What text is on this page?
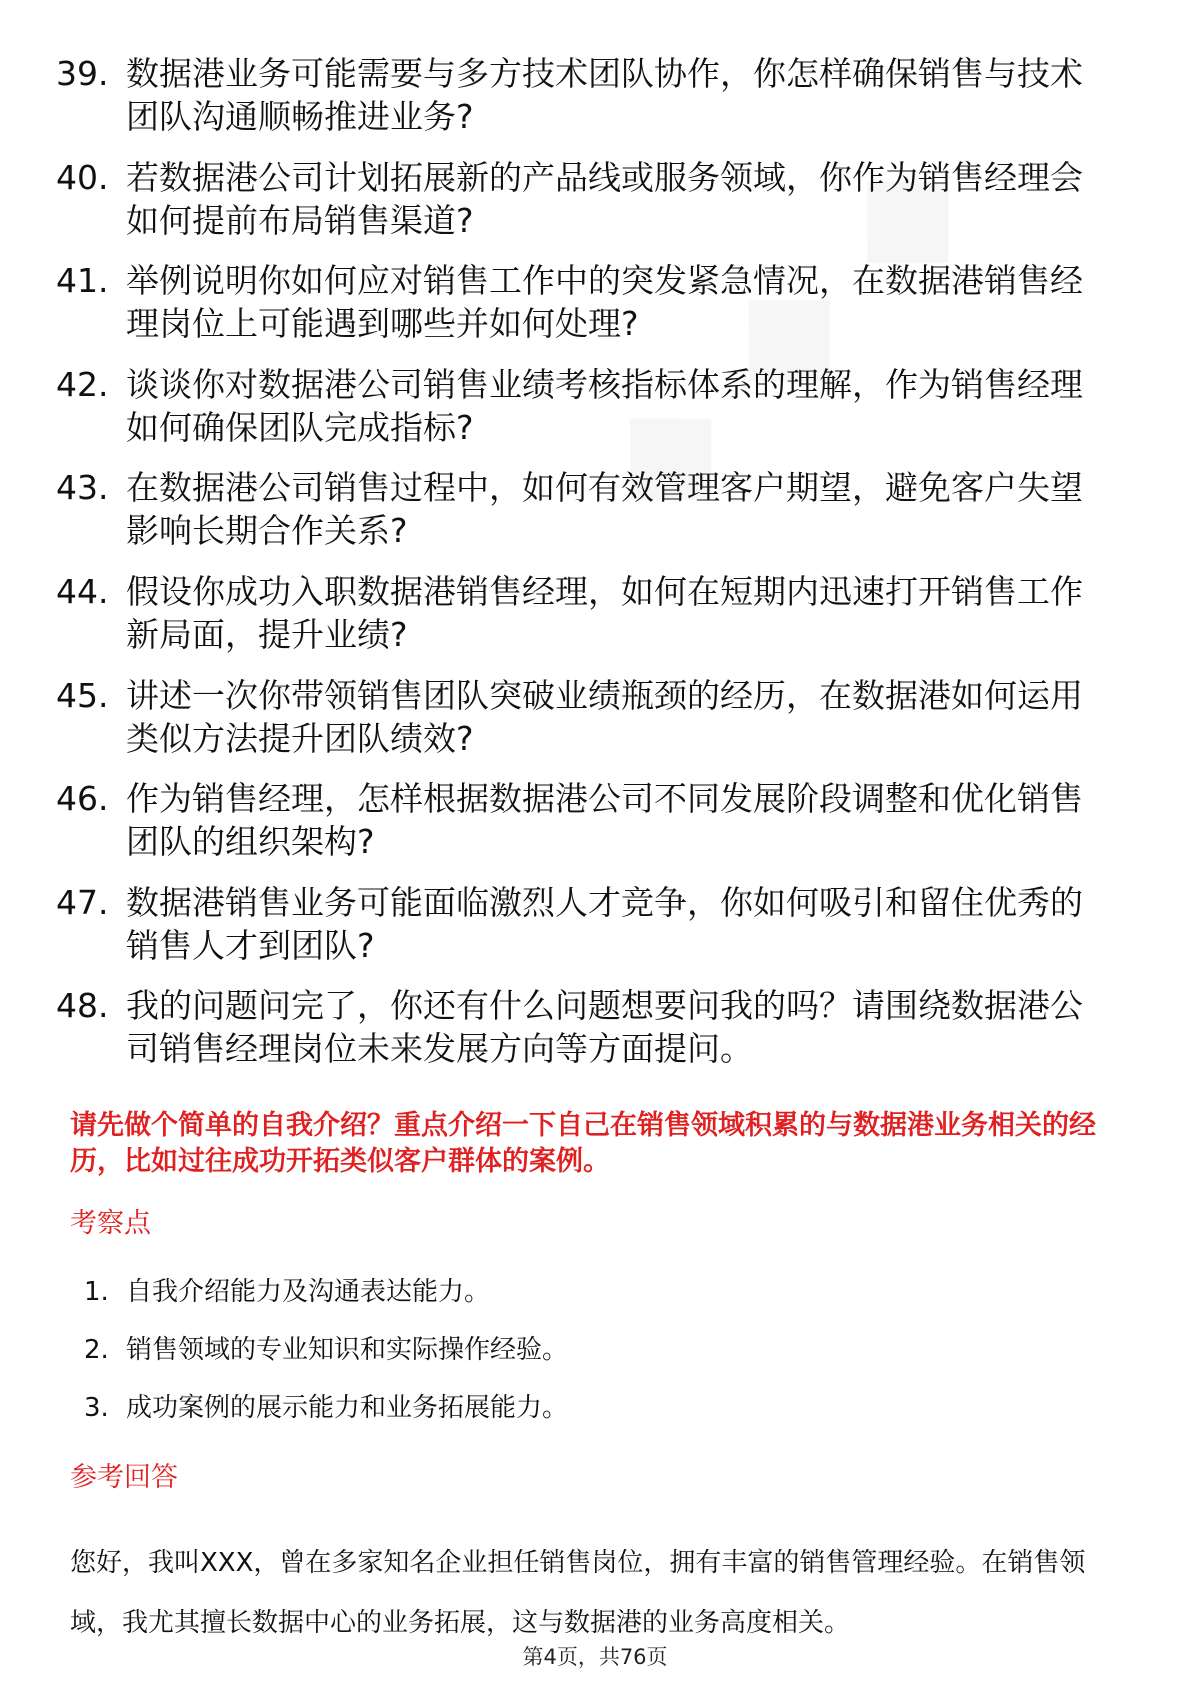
39. 数据港业务可能需要与多方技术团队协作，你怎样确保销售与技术团队沟通顺畅推进业务?
40. 若数据港公司计划拓展新的产品线或服务领域，你作为销售经理会如何提前布局销售渠道?
41. 举例说明你如何应对销售工作中的突发紧急情况，在数据港销售经理岗位上可能遇到哪些并如何处理?
42. 谈谈你对数据港公司销售业绩考核指标体系的理解，作为销售经理如何确保团队完成指标?
43. 在数据港公司销售过程中，如何有效管理客户期望，避免客户失望影响长期合作关系?
44. 假设你成功入职数据港销售经理，如何在短期内迅速打开销售工作新局面，提升业绩?
45. 讲述一次你带领销售团队突破业绩瓶颈的经历，在数据港如何运用类似方法提升团队绩效?
46. 作为销售经理，怎样根据数据港公司不同发展阶段调整和优化销售团队的组织架构?
47. 数据港销售业务可能面临激烈人才竞争，你如何吸引和留住优秀的销售人才到团队?
48. 我的问题问完了，你还有什么问题想要问我的吗？请围绕数据港公司销售经理岗位未来发展方向等方面提问。

请先做个简单的自我介绍？重点介绍一下自己在销售领域积累的与数据港业务相关的经历，比如过往成功开拓类似客户群体的案例。

考察点

1. 自我介绍能力及沟通表达能力。
2. 销售领域的专业知识和实际操作经验。
3. 成功案例的展示能力和业务拓展能力。

参考回答

您好，我叫XXX，曾在多家知名企业担任销售岗位，拥有丰富的销售管理经验。在销售领域，我尤其擅长数据中心的业务拓展，这与数据港的业务高度相关。

第4页，共76页
